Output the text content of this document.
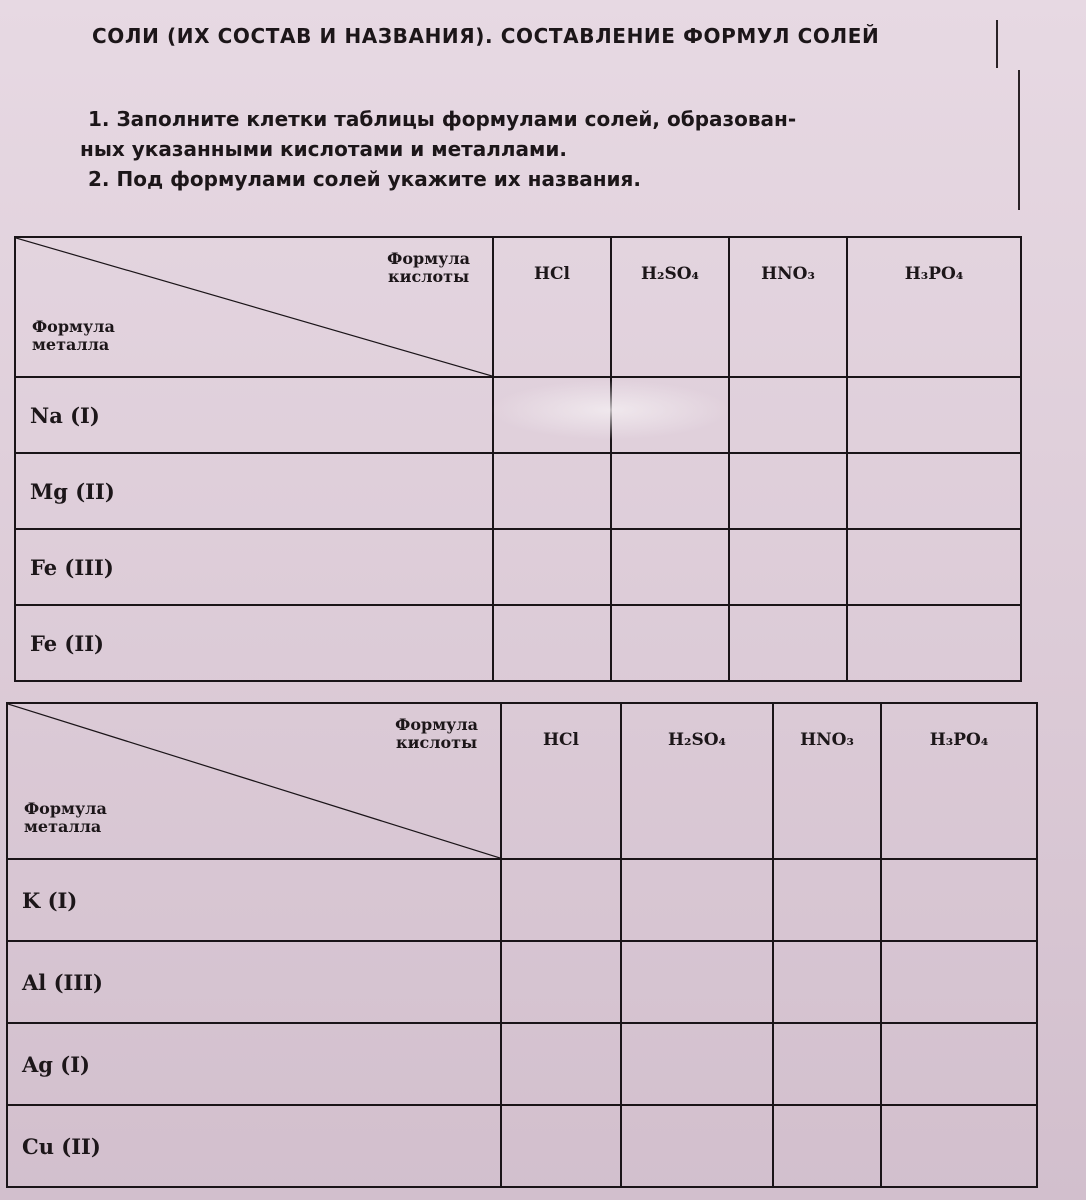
СОЛИ (ИХ СОСТАВ И НАЗВАНИЯ). СОСТАВЛЕНИЕ ФОРМУЛ СОЛЕЙ

1. Заполните клетки таблицы формулами солей, образован-

ных указанными кислотами и металлами.

2. Под формулами солей укажите их названия.

Формула
кислоты
Формула
металла	HCl	H₂SO₄	HNO₃	H₃PO₄
Na (I)				
Mg (II)				
Fe (III)				
Fe (II)				
Формула
кислоты
Формула
металла	HCl	H₂SO₄	HNO₃	H₃PO₄
K (I)				
Al (III)				
Ag (I)				
Cu (II)				
